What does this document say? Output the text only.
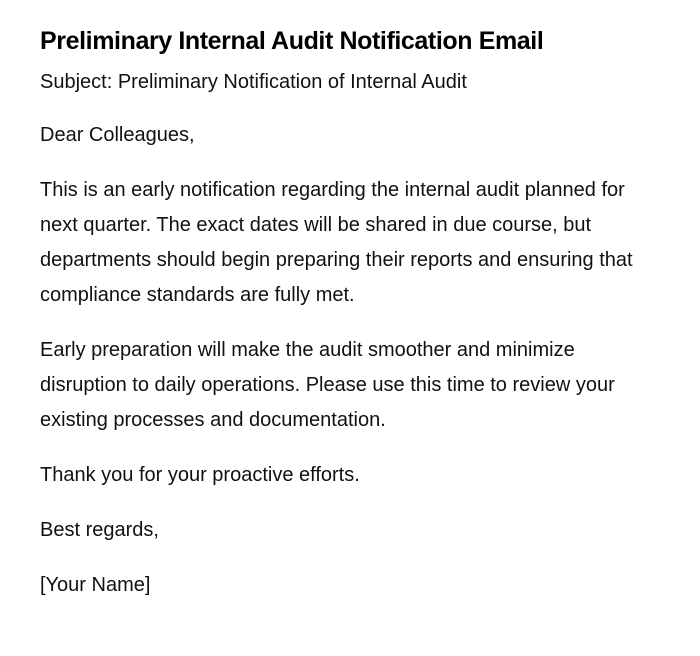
Preliminary Internal Audit Notification Email

Subject: Preliminary Notification of Internal Audit

Dear Colleagues,

This is an early notification regarding the internal audit planned for next quarter. The exact dates will be shared in due course, but departments should begin preparing their reports and ensuring that compliance standards are fully met.

Early preparation will make the audit smoother and minimize disruption to daily operations. Please use this time to review your existing processes and documentation.

Thank you for your proactive efforts.

Best regards,

[Your Name]
